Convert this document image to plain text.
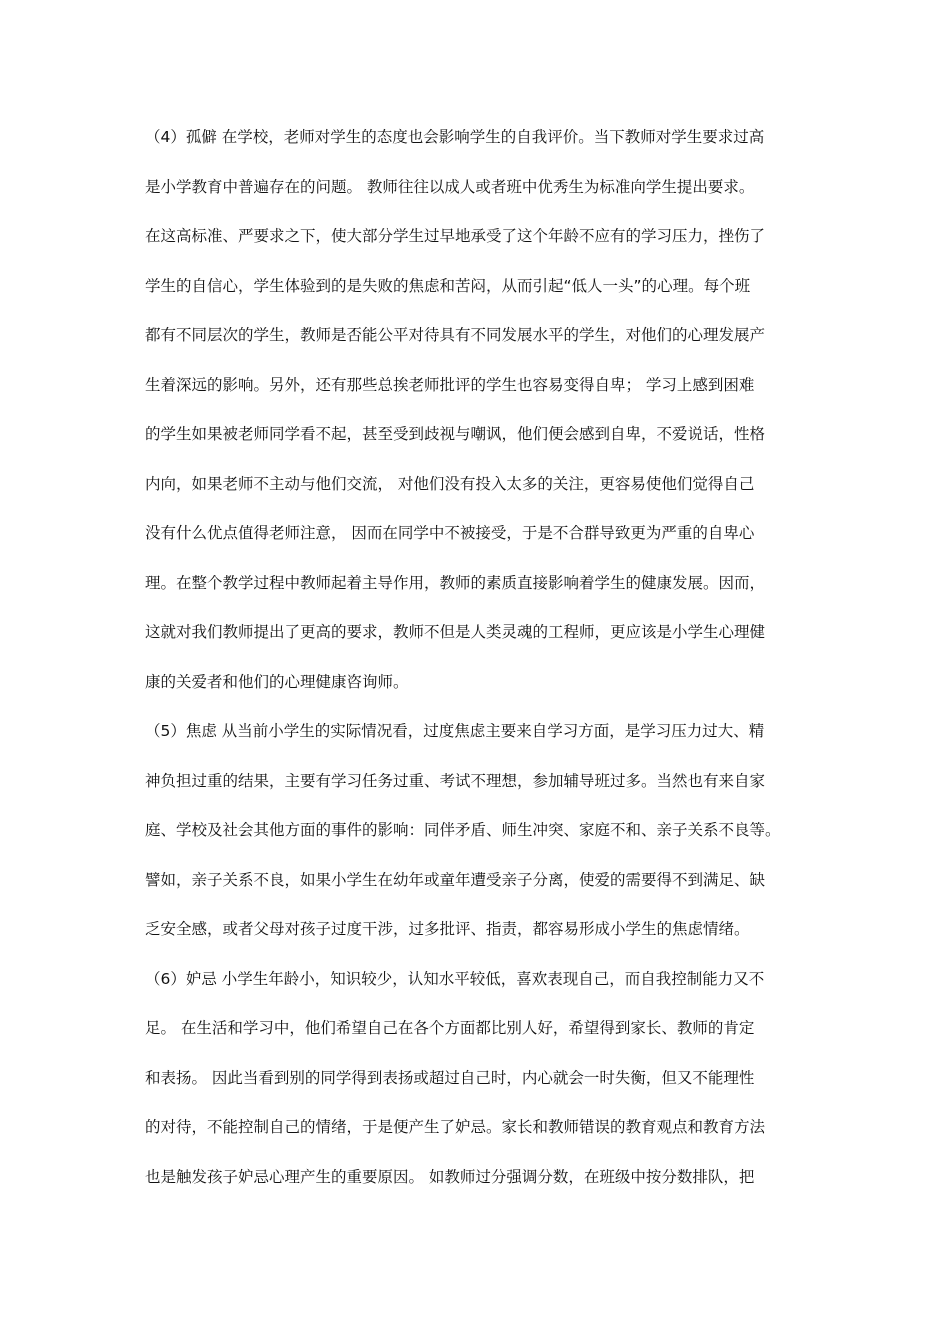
（4）孤僻 在学校，老师对学生的态度也会影响学生的自我评价。当下教师对学生要求过高
是小学教育中普遍存在的问题。 教师往往以成人或者班中优秀生为标准向学生提出要求。
在这高标准、严要求之下，使大部分学生过早地承受了这个年龄不应有的学习压力，挫伤了
学生的自信心，学生体验到的是失败的焦虑和苦闷，从而引起“低人一头”的心理。每个班
都有不同层次的学生，教师是否能公平对待具有不同发展水平的学生，对他们的心理发展产
生着深远的影响。另外，还有那些总挨老师批评的学生也容易变得自卑； 学习上感到困难
的学生如果被老师同学看不起，甚至受到歧视与嘲讽，他们便会感到自卑，不爱说话，性格
内向，如果老师不主动与他们交流， 对他们没有投入太多的关注，更容易使他们觉得自己
没有什么优点值得老师注意， 因而在同学中不被接受，于是不合群导致更为严重的自卑心
理。在整个教学过程中教师起着主导作用，教师的素质直接影响着学生的健康发展。因而，
这就对我们教师提出了更高的要求，教师不但是人类灵魂的工程师，更应该是小学生心理健
康的关爱者和他们的心理健康咨询师。
（5）焦虑 从当前小学生的实际情况看，过度焦虑主要来自学习方面，是学习压力过大、精
神负担过重的结果，主要有学习任务过重、考试不理想，参加辅导班过多。当然也有来自家
庭、学校及社会其他方面的事件的影响：同伴矛盾、师生冲突、家庭不和、亲子关系不良等。
譬如，亲子关系不良，如果小学生在幼年或童年遭受亲子分离，使爱的需要得不到满足、缺
乏安全感，或者父母对孩子过度干涉，过多批评、指责，都容易形成小学生的焦虑情绪。
（6）妒忌 小学生年龄小，知识较少，认知水平较低，喜欢表现自己，而自我控制能力又不
足。 在生活和学习中，他们希望自己在各个方面都比别人好，希望得到家长、教师的肯定
和表扬。 因此当看到别的同学得到表扬或超过自己时，内心就会一时失衡，但又不能理性
的对待，不能控制自己的情绪，于是便产生了妒忌。家长和教师错误的教育观点和教育方法
也是触发孩子妒忌心理产生的重要原因。 如教师过分强调分数，在班级中按分数排队，把
